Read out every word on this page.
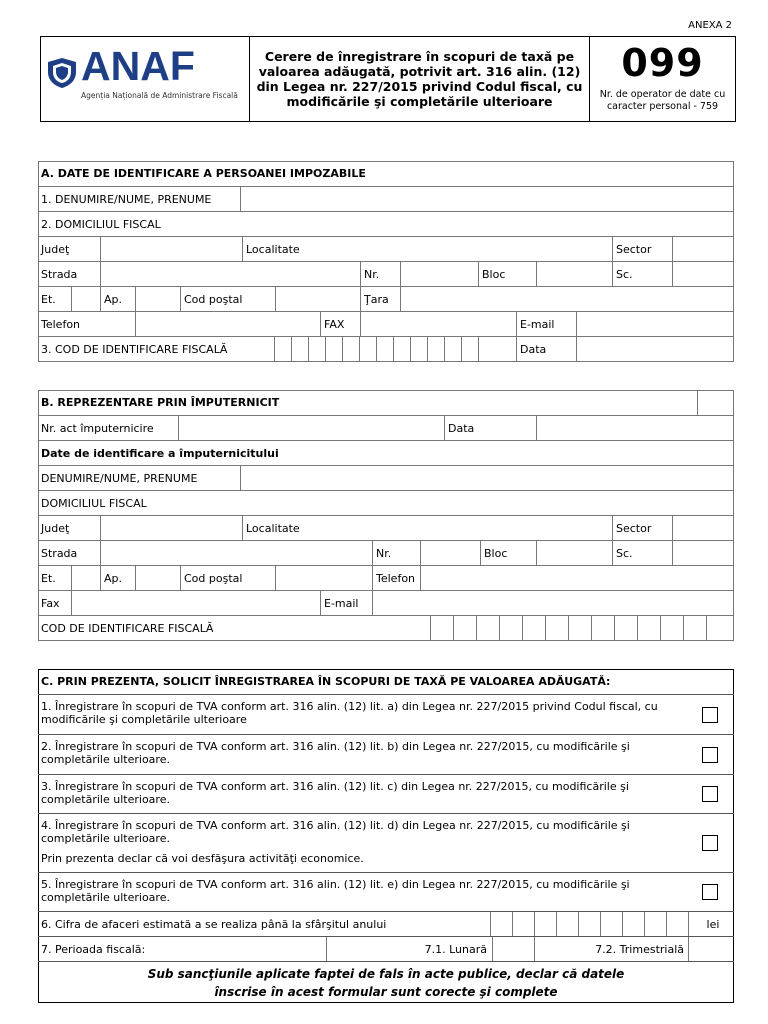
ANEXA 2
ANAF
Agenția Națională de Administrare Fiscală
Cerere de înregistrare în scopuri de taxă pe valoarea adăugată, potrivit art. 316 alin. (12) din Legea nr. 227/2015 privind Codul fiscal, cu modificările şi completările ulterioare
099
Nr. de operator de date cu caracter personal - 759
A. DATE DE IDENTIFICARE A PERSOANEI IMPOZABILE
1. DENUMIRE/NUME, PRENUME
2. DOMICILIUL FISCAL
Judeţ	Localitate	Sector
Strada	Nr.	Bloc	Sc.
Et.	Ap.	Cod poştal	Ţara
Telefon	FAX	E-mail
3. COD DE IDENTIFICARE FISCALĂ	Data
B. REPREZENTARE PRIN ÎMPUTERNICIT
Nr. act împuternicire	Data
Date de identificare a împuternicitului
DENUMIRE/NUME, PRENUME
DOMICILIUL FISCAL
Judeţ	Localitate	Sector
Strada	Nr.	Bloc	Sc.
Et.	Ap.	Cod poştal	Telefon
Fax	E-mail
COD DE IDENTIFICARE FISCALĂ
C. PRIN PREZENTA, SOLICIT ÎNREGISTRAREA ÎN SCOPURI DE TAXĂ PE VALOAREA ADĂUGATĂ:
1. Înregistrare în scopuri de TVA conform art. 316 alin. (12) lit. a) din Legea nr. 227/2015 privind Codul fiscal, cu modificările şi completările ulterioare
2. Înregistrare în scopuri de TVA conform art. 316 alin. (12) lit. b) din Legea nr. 227/2015, cu modificările şi completările ulterioare.
3. Înregistrare în scopuri de TVA conform art. 316 alin. (12) lit. c) din Legea nr. 227/2015, cu modificările şi completările ulterioare.
4. Înregistrare în scopuri de TVA conform art. 316 alin. (12) lit. d) din Legea nr. 227/2015, cu modificările şi completările ulterioare.
Prin prezenta declar că voi desfăşura activităţi economice.
5. Înregistrare în scopuri de TVA conform art. 316 alin. (12) lit. e) din Legea nr. 227/2015, cu modificările şi completările ulterioare.
6. Cifra de afaceri estimată a se realiza până la sfârşitul anului	lei
7. Perioada fiscală:	7.1. Lunară	7.2. Trimestrială
Sub sancţiunile aplicate faptei de fals în acte publice, declar că datele
înscrise în acest formular sunt corecte şi complete
